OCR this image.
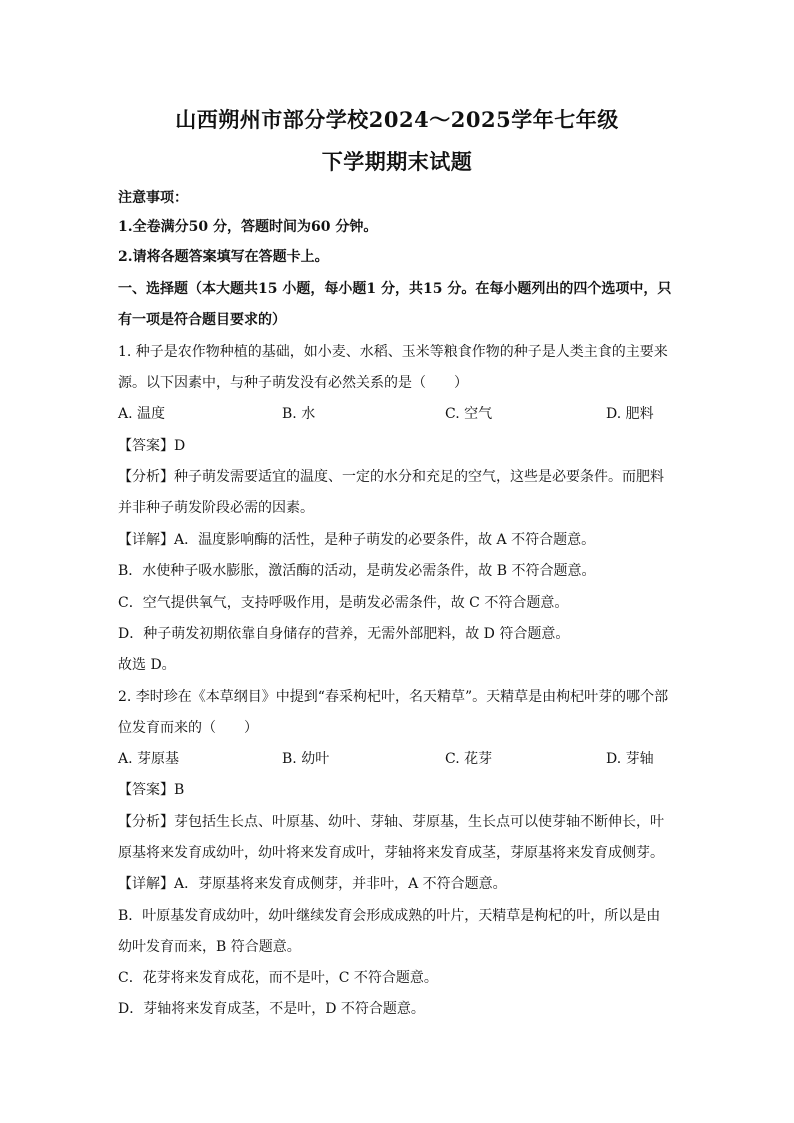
山西朔州市部分学校2024～2025学年七年级
下学期期末试题
注意事项：
1.全卷满分50 分，答题时间为60 分钟。
2.请将各题答案填写在答题卡上。
一、选择题（本大题共15 小题，每小题1 分，共15 分。在每小题列出的四个选项中，只
有一项是符合题目要求的）
1. 种子是农作物种植的基础，如小麦、水稻、玉米等粮食作物的种子是人类主食的主要来
源。以下因素中，与种子萌发没有必然关系的是（　　）
A. 温度	B. 水	C. 空气	D. 肥料
【答案】D
【分析】种子萌发需要适宜的温度、一定的水分和充足的空气，这些是必要条件。而肥料
并非种子萌发阶段必需的因素。
【详解】A．温度影响酶的活性，是种子萌发的必要条件，故 A 不符合题意。
B．水使种子吸水膨胀，激活酶的活动，是萌发必需条件，故 B 不符合题意。
C．空气提供氧气，支持呼吸作用，是萌发必需条件，故 C 不符合题意。
D．种子萌发初期依靠自身储存的营养，无需外部肥料，故 D 符合题意。
故选 D。
2. 李时珍在《本草纲目》中提到“春采枸杞叶，名天精草”。天精草是由枸杞叶芽的哪个部
位发育而来的（　　）
A. 芽原基	B. 幼叶	C. 花芽	D. 芽轴
【答案】B
【分析】芽包括生长点、叶原基、幼叶、芽轴、芽原基，生长点可以使芽轴不断伸长，叶
原基将来发育成幼叶，幼叶将来发育成叶，芽轴将来发育成茎，芽原基将来发育成侧芽。
【详解】A．芽原基将来发育成侧芽，并非叶，A 不符合题意。
B．叶原基发育成幼叶，幼叶继续发育会形成成熟的叶片，天精草是枸杞的叶，所以是由
幼叶发育而来，B 符合题意。
C．花芽将来发育成花，而不是叶，C 不符合题意。
D．芽轴将来发育成茎，不是叶，D 不符合题意。
